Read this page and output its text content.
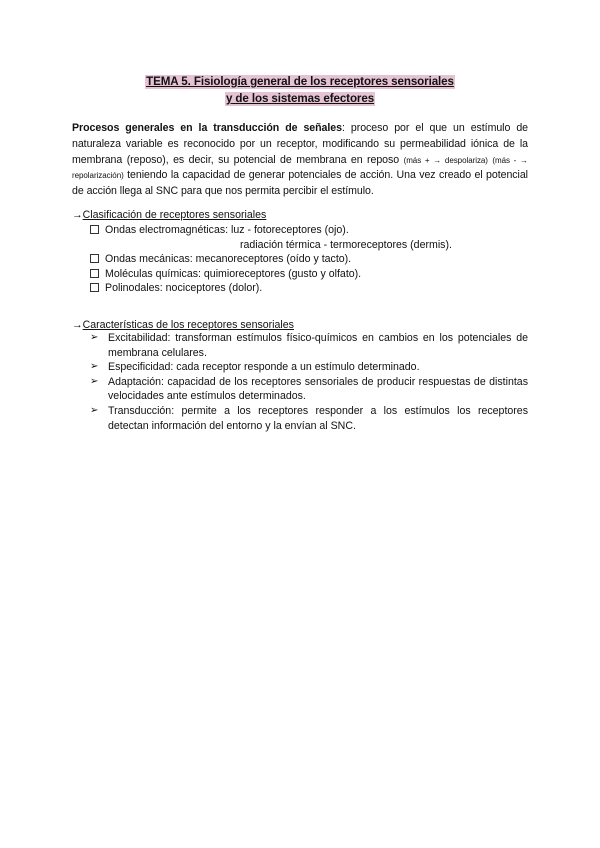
TEMA 5. Fisiología general de los receptores sensoriales
y de los sistemas efectores
Procesos generales en la transducción de señales: proceso por el que un estímulo de naturaleza variable es reconocido por un receptor, modificando su permeabilidad iónica de la membrana (reposo), es decir, su potencial de membrana en reposo (más + → despolariza) (más - → repolarización) teniendo la capacidad de generar potenciales de acción. Una vez creado el potencial de acción llega al SNC para que nos permita percibir el estímulo.
→Clasificación de receptores sensoriales
Ondas electromagnéticas: luz - fotoreceptores (ojo).
radiación térmica - termoreceptores (dermis).
Ondas mecánicas: mecanoreceptores (oído y tacto).
Moléculas químicas: quimioreceptores (gusto y olfato).
Polinodales: nociceptores (dolor).
→Características de los receptores sensoriales
➢ Excitabilidad: transforman estímulos físico-químicos en cambios en los potenciales de membrana celulares.
➢ Especificidad: cada receptor responde a un estímulo determinado.
➢ Adaptación: capacidad de los receptores sensoriales de producir respuestas de distintas velocidades ante estímulos determinados.
➢ Transducción: permite a los receptores responder a los estímulos los receptores detectan información del entorno y la envían al SNC.
